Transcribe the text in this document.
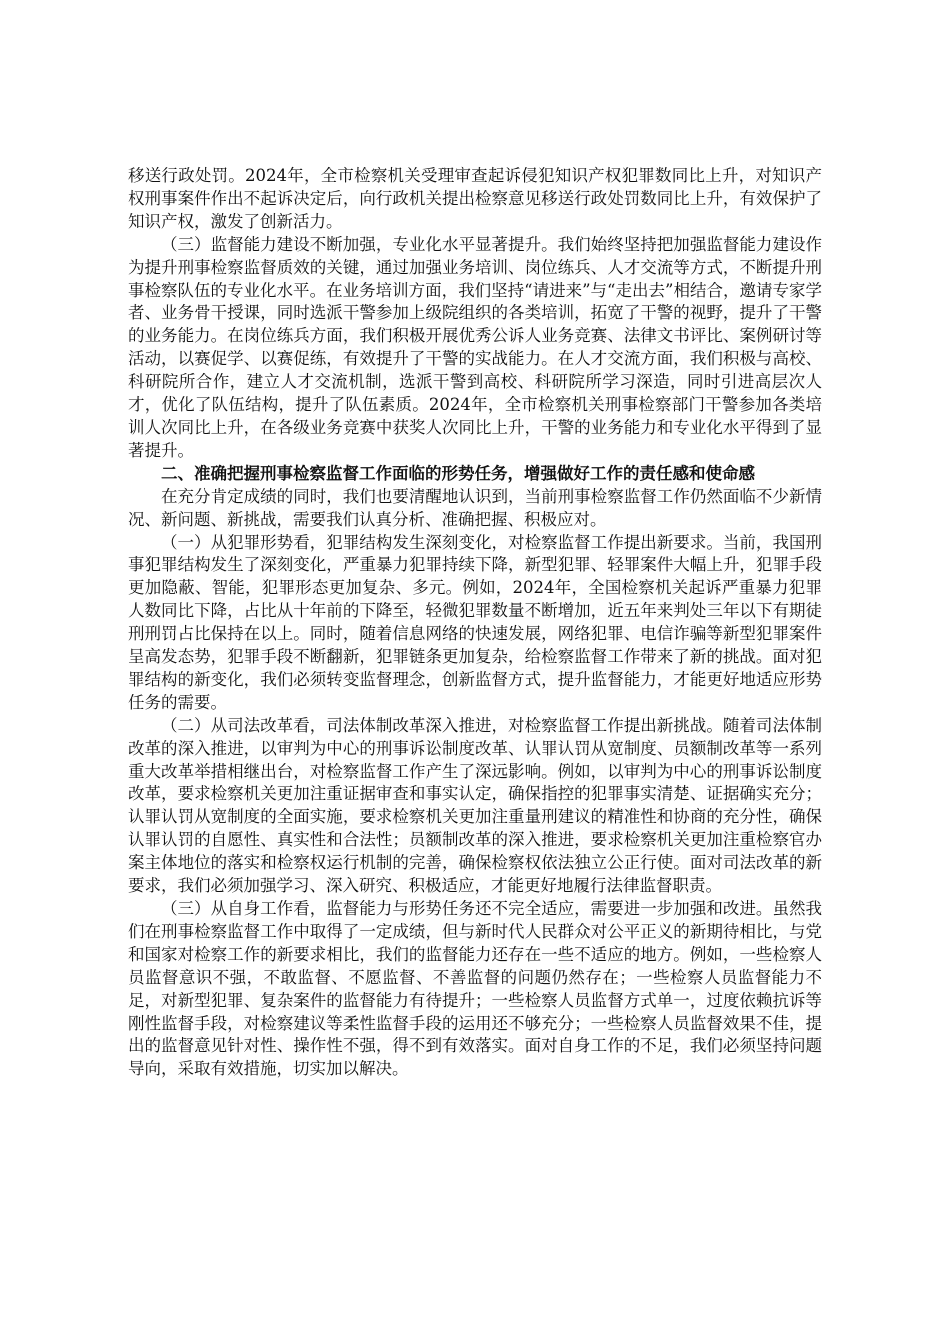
移送行政处罚。2024年，全市检察机关受理审查起诉侵犯知识产权犯罪数同比上升，对知识产权刑事案件作出不起诉决定后，向行政机关提出检察意见移送行政处罚数同比上升，有效保护了知识产权，激发了创新活力。

（三）监督能力建设不断加强，专业化水平显著提升。我们始终坚持把加强监督能力建设作为提升刑事检察监督质效的关键，通过加强业务培训、岗位练兵、人才交流等方式，不断提升刑事检察队伍的专业化水平。在业务培训方面，我们坚持“请进来”与“走出去”相结合，邀请专家学者、业务骨干授课，同时选派干警参加上级院组织的各类培训，拓宽了干警的视野，提升了干警的业务能力。在岗位练兵方面，我们积极开展优秀公诉人业务竞赛、法律文书评比、案例研讨等活动，以赛促学、以赛促练，有效提升了干警的实战能力。在人才交流方面，我们积极与高校、科研院所合作，建立人才交流机制，选派干警到高校、科研院所学习深造，同时引进高层次人才，优化了队伍结构，提升了队伍素质。2024年，全市检察机关刑事检察部门干警参加各类培训人次同比上升，在各级业务竞赛中获奖人次同比上升，干警的业务能力和专业化水平得到了显著提升。

二、准确把握刑事检察监督工作面临的形势任务，增强做好工作的责任感和使命感

在充分肯定成绩的同时，我们也要清醒地认识到，当前刑事检察监督工作仍然面临不少新情况、新问题、新挑战，需要我们认真分析、准确把握、积极应对。

（一）从犯罪形势看，犯罪结构发生深刻变化，对检察监督工作提出新要求。当前，我国刑事犯罪结构发生了深刻变化，严重暴力犯罪持续下降，新型犯罪、轻罪案件大幅上升，犯罪手段更加隐蔽、智能，犯罪形态更加复杂、多元。例如，2024年，全国检察机关起诉严重暴力犯罪人数同比下降，占比从十年前的下降至，轻微犯罪数量不断增加，近五年来判处三年以下有期徒刑刑罚占比保持在以上。同时，随着信息网络的快速发展，网络犯罪、电信诈骗等新型犯罪案件呈高发态势，犯罪手段不断翻新，犯罪链条更加复杂，给检察监督工作带来了新的挑战。面对犯罪结构的新变化，我们必须转变监督理念，创新监督方式，提升监督能力，才能更好地适应形势任务的需要。

（二）从司法改革看，司法体制改革深入推进，对检察监督工作提出新挑战。随着司法体制改革的深入推进，以审判为中心的刑事诉讼制度改革、认罪认罚从宽制度、员额制改革等一系列重大改革举措相继出台，对检察监督工作产生了深远影响。例如，以审判为中心的刑事诉讼制度改革，要求检察机关更加注重证据审查和事实认定，确保指控的犯罪事实清楚、证据确实充分；认罪认罚从宽制度的全面实施，要求检察机关更加注重量刑建议的精准性和协商的充分性，确保认罪认罚的自愿性、真实性和合法性；员额制改革的深入推进，要求检察机关更加注重检察官办案主体地位的落实和检察权运行机制的完善，确保检察权依法独立公正行使。面对司法改革的新要求，我们必须加强学习、深入研究、积极适应，才能更好地履行法律监督职责。

（三）从自身工作看，监督能力与形势任务还不完全适应，需要进一步加强和改进。虽然我们在刑事检察监督工作中取得了一定成绩，但与新时代人民群众对公平正义的新期待相比，与党和国家对检察工作的新要求相比，我们的监督能力还存在一些不适应的地方。例如，一些检察人员监督意识不强，不敢监督、不愿监督、不善监督的问题仍然存在；一些检察人员监督能力不足，对新型犯罪、复杂案件的监督能力有待提升；一些检察人员监督方式单一，过度依赖抗诉等刚性监督手段，对检察建议等柔性监督手段的运用还不够充分；一些检察人员监督效果不佳，提出的监督意见针对性、操作性不强，得不到有效落实。面对自身工作的不足，我们必须坚持问题导向，采取有效措施，切实加以解决。
